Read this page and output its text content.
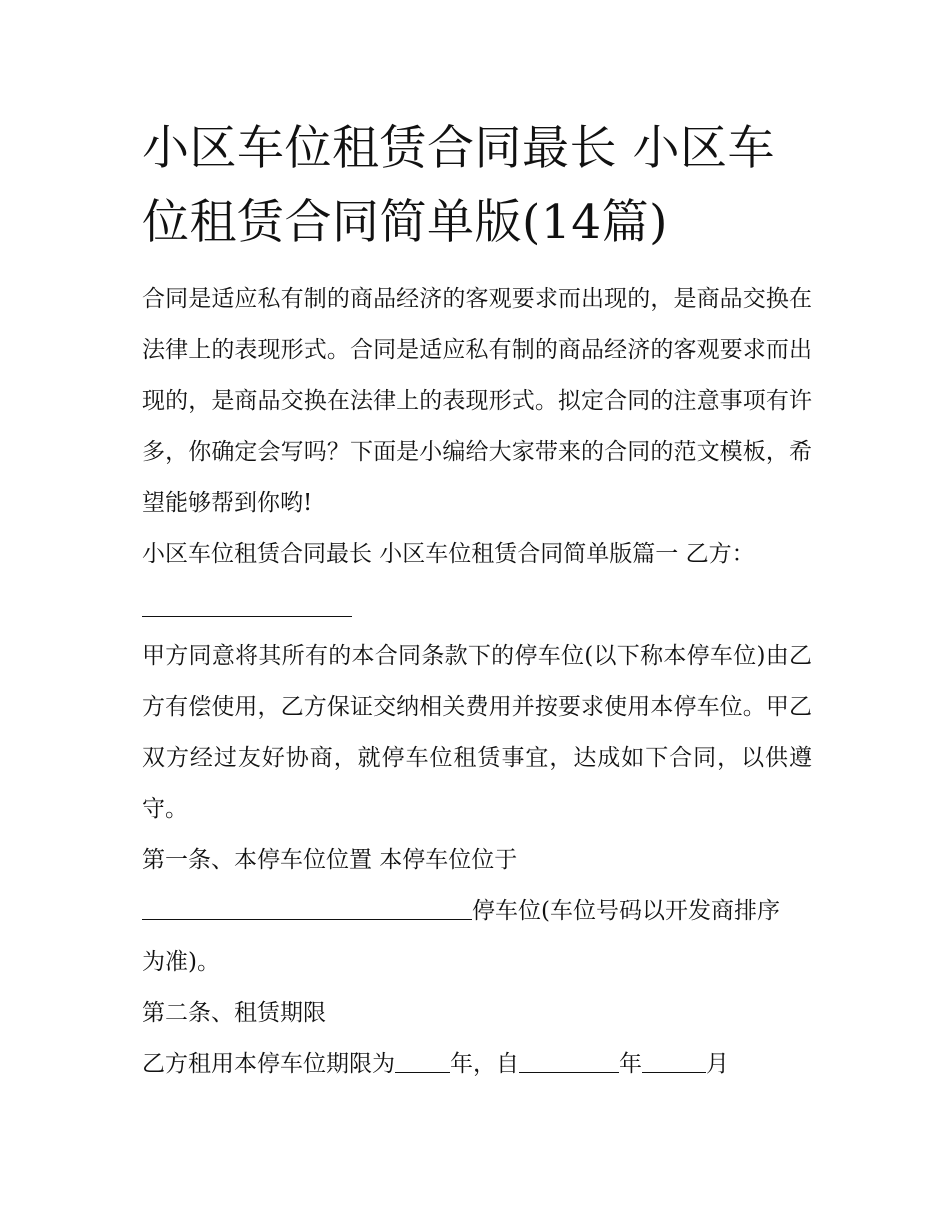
小区车位租赁合同最长 小区车位租赁合同简单版(14篇)

合同是适应私有制的商品经济的客观要求而出现的，是商品交换在法律上的表现形式。合同是适应私有制的商品经济的客观要求而出现的，是商品交换在法律上的表现形式。拟定合同的注意事项有许多，你确定会写吗？下面是小编给大家带来的合同的范文模板，希望能够帮到你哟!

小区车位租赁合同最长 小区车位租赁合同简单版篇一 乙方：

甲方同意将其所有的本合同条款下的停车位(以下称本停车位)由乙方有偿使用，乙方保证交纳相关费用并按要求使用本停车位。甲乙双方经过友好协商，就停车位租赁事宜，达成如下合同，以供遵守。

第一条、本停车位位置 本停车位位于

停车位(车位号码以开发商排序

为准)。

第二条、租赁期限

乙方租用本停车位期限为 年，自	年	月
